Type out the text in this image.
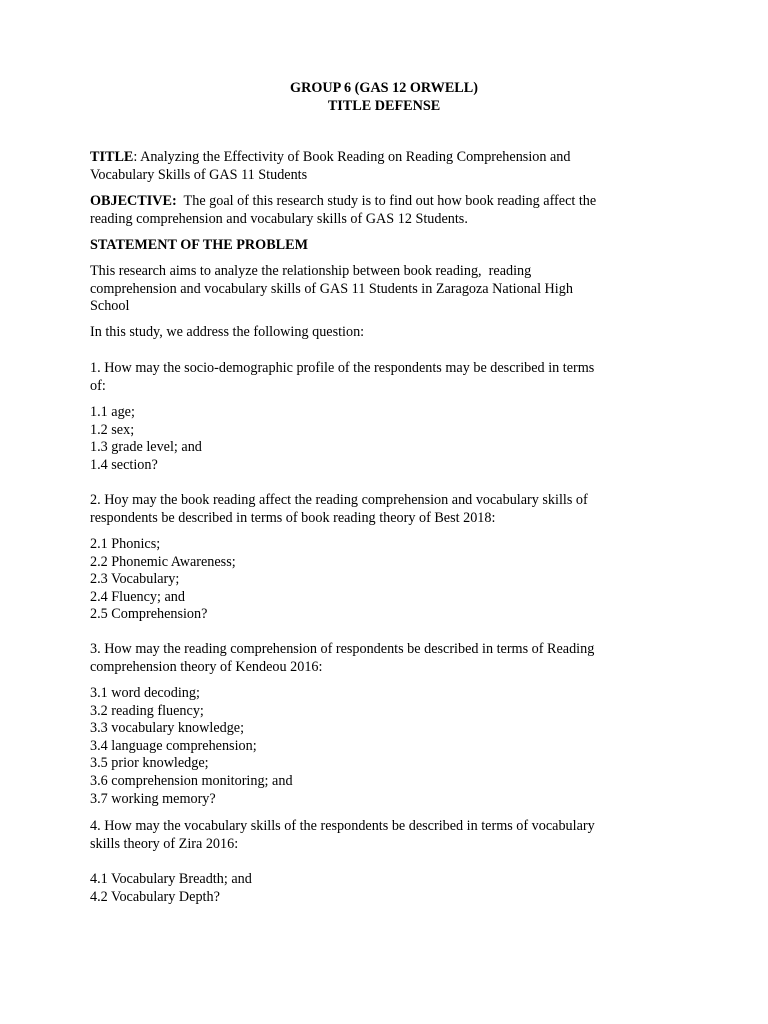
GROUP 6 (GAS 12 ORWELL)
TITLE DEFENSE
TITLE: Analyzing the Effectivity of Book Reading on Reading Comprehension and
Vocabulary Skills of GAS 11 Students
OBJECTIVE:  The goal of this research study is to find out how book reading affect the
reading comprehension and vocabulary skills of GAS 12 Students.
STATEMENT OF THE PROBLEM
This research aims to analyze the relationship between book reading,  reading
comprehension and vocabulary skills of GAS 11 Students in Zaragoza National High
School
In this study, we address the following question:
1. How may the socio-demographic profile of the respondents may be described in terms
of:
1.1 age;
1.2 sex;
1.3 grade level; and
1.4 section?
2. Hoy may the book reading affect the reading comprehension and vocabulary skills of
respondents be described in terms of book reading theory of Best 2018:
2.1 Phonics;
2.2 Phonemic Awareness;
2.3 Vocabulary;
2.4 Fluency; and
2.5 Comprehension?
3. How may the reading comprehension of respondents be described in terms of Reading
comprehension theory of Kendeou 2016:
3.1 word decoding;
3.2 reading fluency;
3.3 vocabulary knowledge;
3.4 language comprehension;
3.5 prior knowledge;
3.6 comprehension monitoring; and
3.7 working memory?
4. How may the vocabulary skills of the respondents be described in terms of vocabulary
skills theory of Zira 2016:
4.1 Vocabulary Breadth; and
4.2 Vocabulary Depth?
